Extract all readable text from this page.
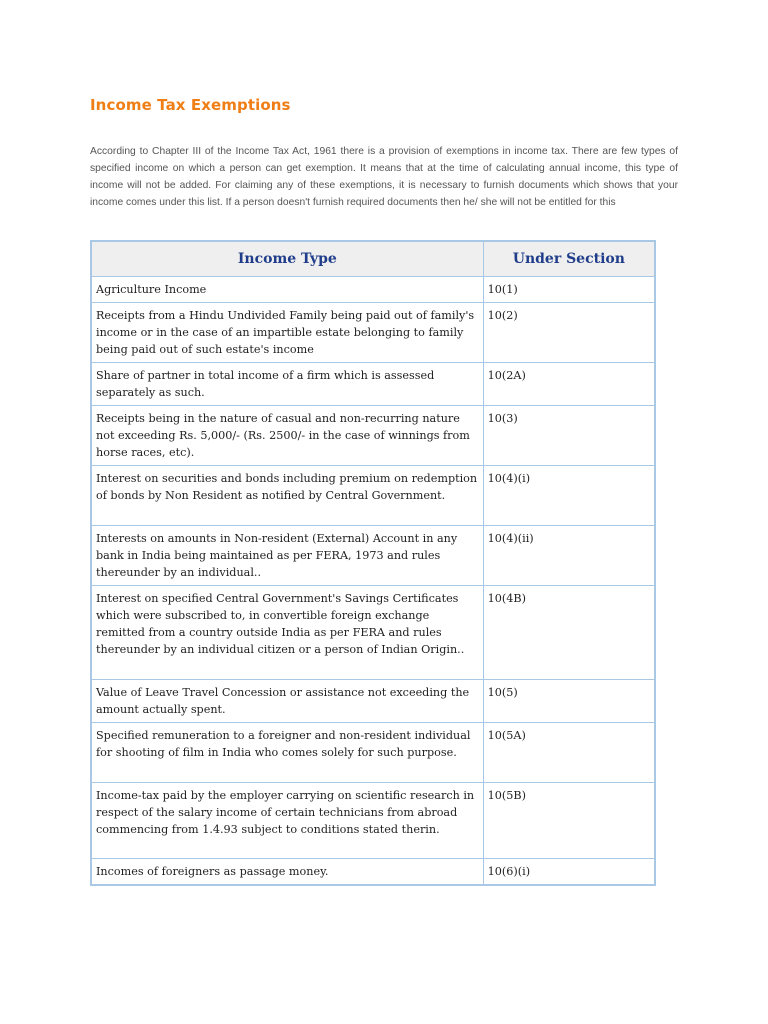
Income Tax Exemptions

According to Chapter III of the Income Tax Act, 1961 there is a provision of exemptions in income tax. There are few types of specified income on which a person can get exemption. It means that at the time of calculating annual income, this type of income will not be added. For claiming any of these exemptions, it is necessary to furnish documents which shows that your income comes under this list. If a person doesn't furnish required documents then he/ she will not be entitled for this

Income Type	Under Section
Agriculture Income	10(1)
Receipts from a Hindu Undivided Family being paid out of family's income or in the case of an impartible estate belonging to family being paid out of such estate's income	10(2)
Share of partner in total income of a firm which is assessed separately as such.	10(2A)
Receipts being in the nature of casual and non-recurring nature not exceeding Rs. 5,000/- (Rs. 2500/- in the case of winnings from horse races, etc).	10(3)
Interest on securities and bonds including premium on redemption of bonds by Non Resident as notified by Central Government.	10(4)(i)
Interests on amounts in Non-resident (External) Account in any bank in India being maintained as per FERA, 1973 and rules thereunder by an individual..	10(4)(ii)
Interest on specified Central Government's Savings Certificates which were subscribed to, in convertible foreign exchange remitted from a country outside India as per FERA and rules thereunder by an individual citizen or a person of Indian Origin..	10(4B)
Value of Leave Travel Concession or assistance not exceeding the amount actually spent.	10(5)
Specified remuneration to a foreigner and non-resident individual for shooting of film in India who comes solely for such purpose.	10(5A)
Income-tax paid by the employer carrying on scientific research in respect of the salary income of certain technicians from abroad commencing from 1.4.93 subject to conditions stated therin.	10(5B)
Incomes of foreigners as passage money.	10(6)(i)
